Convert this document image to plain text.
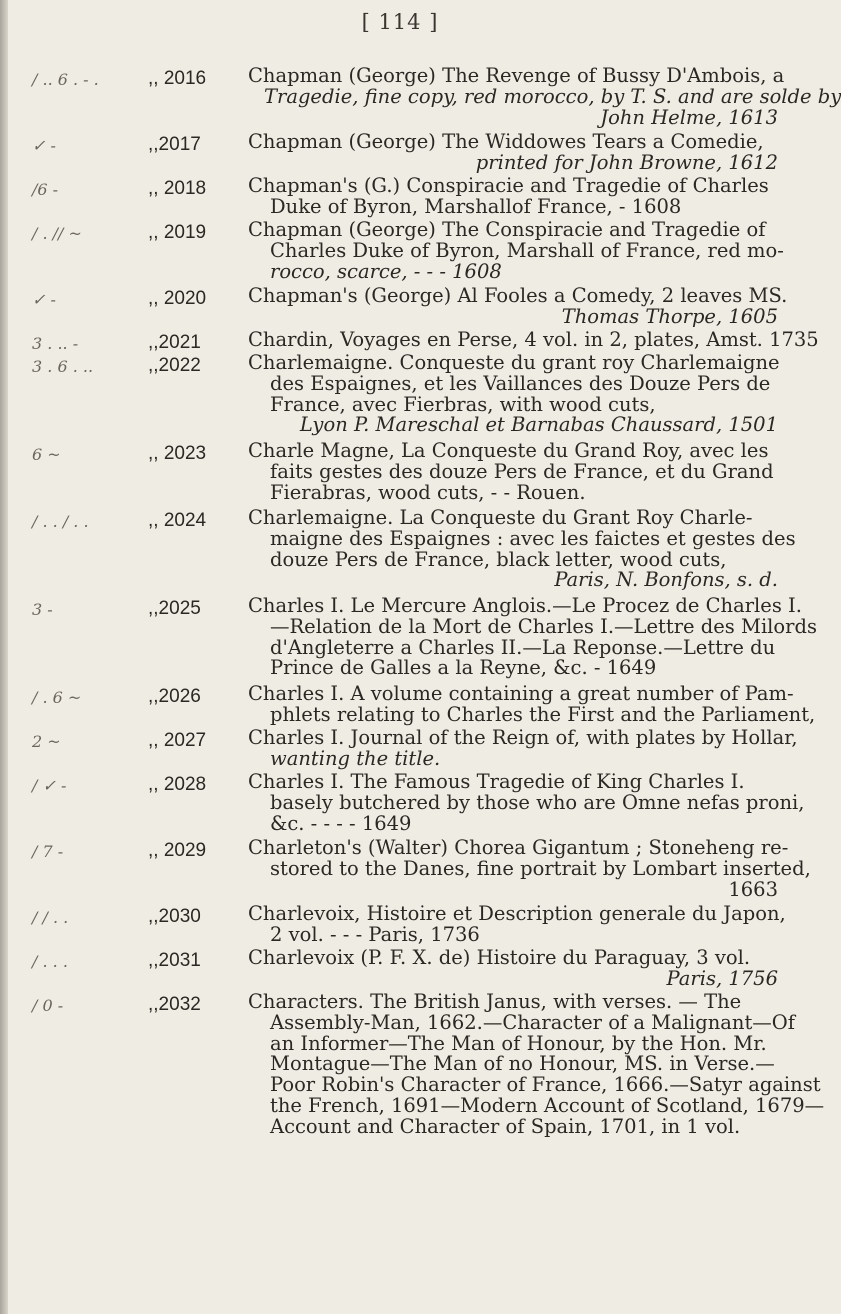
[ 114 ]
/ .. 6 . - .	,, 2016	Chapman (George) The Revenge of Bussy D'Ambois, a
Tragedie, fine copy, red morocco, by T. S. and are solde by
John Helme, 1613
✓ -	,,2017	Chapman (George) The Widdowes Tears a Comedie,
printed for John Browne, 1612
/6 -	,, 2018	Chapman's (G.) Conspiracie and Tragedie of Charles
Duke of Byron, Marshallof France, - 1608
/ . // ~	,, 2019	Chapman (George) The Conspiracie and Tragedie of
Charles Duke of Byron, Marshall of France, red mo-
rocco, scarce, - - - 1608
✓ -	,, 2020	Chapman's (George) Al Fooles a Comedy, 2 leaves MS.
Thomas Thorpe, 1605
3 . .. -	,,2021	Chardin, Voyages en Perse, 4 vol. in 2, plates, Amst. 1735
3 . 6 . ..	,,2022	Charlemaigne. Conqueste du grant roy Charlemaigne
des Espaignes, et les Vaillances des Douze Pers de
France, avec Fierbras, with wood cuts,
Lyon P. Mareschal et Barnabas Chaussard, 1501
6 ~	,, 2023	Charle Magne, La Conqueste du Grand Roy, avec les
faits gestes des douze Pers de France, et du Grand
Fierabras, wood cuts, - - Rouen.
/ . . / . .	,, 2024	Charlemaigne. La Conqueste du Grant Roy Charle-
maigne des Espaignes : avec les faictes et gestes des
douze Pers de France, black letter, wood cuts,
Paris, N. Bonfons, s. d.
3 -	,,2025	Charles I. Le Mercure Anglois.—Le Procez de Charles I.
—Relation de la Mort de Charles I.—Lettre des Milords
d'Angleterre a Charles II.—La Reponse.—Lettre du
Prince de Galles a la Reyne, &c. - 1649
/ . 6 ~	,,2026	Charles I. A volume containing a great number of Pam-
phlets relating to Charles the First and the Parliament,
2 ~	,, 2027	Charles I. Journal of the Reign of, with plates by Hollar,
wanting the title.
/ ✓ -	,, 2028	Charles I. The Famous Tragedie of King Charles I.
basely butchered by those who are Omne nefas proni,
&c. - - - - 1649
/ 7 -	,, 2029	Charleton's (Walter) Chorea Gigantum ; Stoneheng re-
stored to the Danes, fine portrait by Lombart inserted,
1663
/ / . .	,,2030	Charlevoix, Histoire et Description generale du Japon,
2 vol. - - - Paris, 1736
/ . . .	,,2031	Charlevoix (P. F. X. de) Histoire du Paraguay, 3 vol.
Paris, 1756
/ 0 -	,,2032	Characters. The British Janus, with verses. — The
Assembly-Man, 1662.—Character of a Malignant—Of
an Informer—The Man of Honour, by the Hon. Mr.
Montague—The Man of no Honour, MS. in Verse.—
Poor Robin's Character of France, 1666.—Satyr against
the French, 1691—Modern Account of Scotland, 1679—
Account and Character of Spain, 1701, in 1 vol.
